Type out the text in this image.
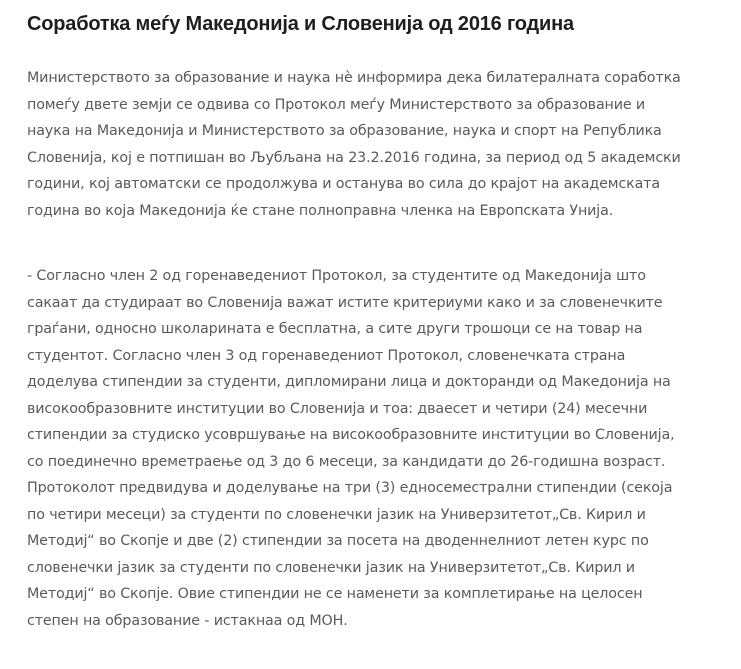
Соработка меѓу Македонија и Словенија од 2016 година

Министерството за образование и наука нè информира дека билатералната соработка
помеѓу двете земји се одвива со Протокол меѓу Министерството за образование и
наука на Македонија и Министерството за образование, наука и спорт на Република
Словенија, кој е потпишан во Љубљана на 23.2.2016 година, за период од 5 академски
години, кој автоматски се продолжува и останува во сила до крајот на академската
година во која Македонија ќе стане полноправна членка на Европската Унија.

- Согласно член 2 од горенаведениот Протокол, за студентите од Македонија што
сакаат да студираат во Словенија важат истите критериуми како и за словенечките
граѓани, односно школарината е бесплатна, а сите други трошоци се на товар на
студентот. Согласно член 3 од горенаведениот Протокол, словенечката страна
доделува стипендии за студенти, дипломирани лица и докторанди од Македонија на
високообразовните институции во Словенија и тоа: дваесет и четири (24) месечни
стипендии за студиско усовршување на високообразовните институции во Словенија,
со поединечно времетраење од 3 до 6 месеци, за кандидати до 26-годишна возраст.
Протоколот предвидува и доделување на три (3) едносеместрални стипендии (секоја
по четири месеци) за студенти по словенечки јазик на Универзитетот„Св. Кирил и
Методиј“ во Скопје и две (2) стипендии за посета на дводеннелниот летен курс по
словенечки јазик за студенти по словенечки јазик на Универзитетот„Св. Кирил и
Методиј“ во Скопје. Овие стипендии не се наменети за комплетирање на целосен
степен на образование - истакнаа од МОН.
